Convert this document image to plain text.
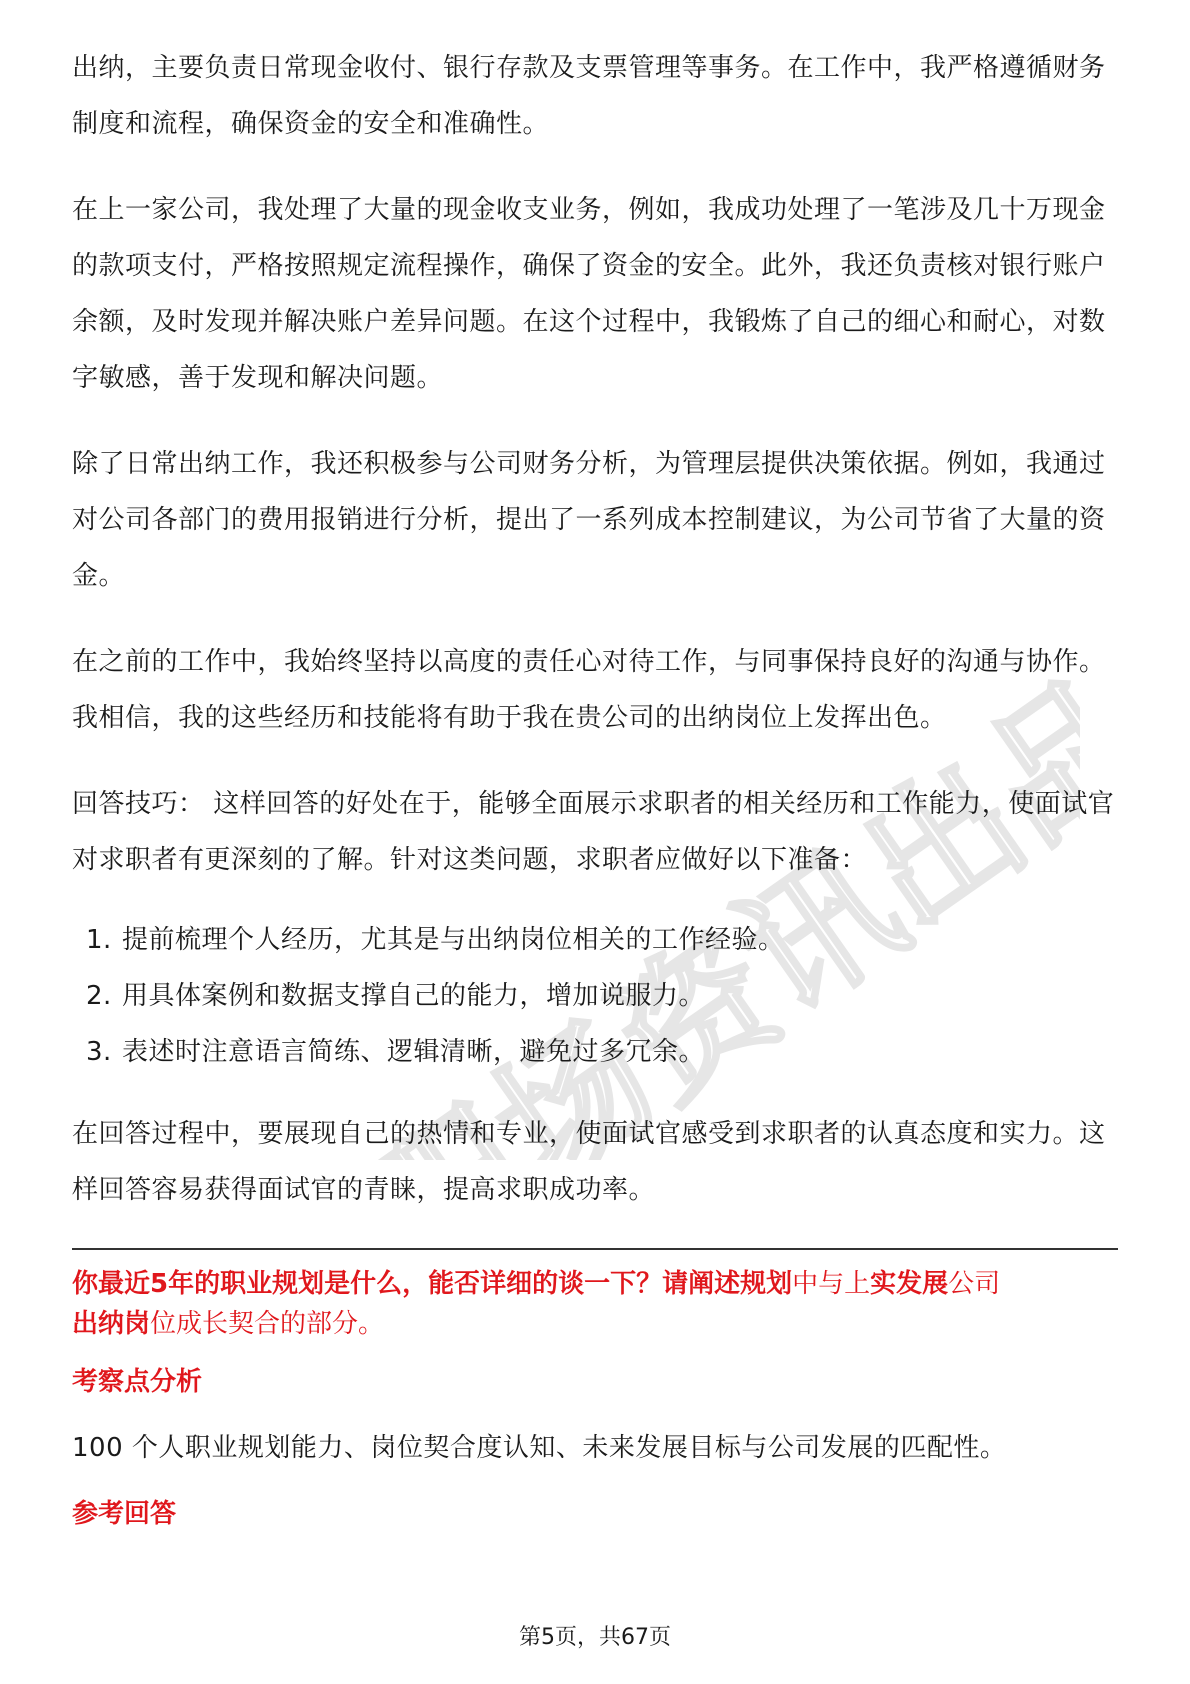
职场资讯出品

出纳，主要负责日常现金收付、银行存款及支票管理等事务。在工作中，我严格遵循财务制度和流程，确保资金的安全和准确性。

在上一家公司，我处理了大量的现金收支业务，例如，我成功处理了一笔涉及几十万现金的款项支付，严格按照规定流程操作，确保了资金的安全。此外，我还负责核对银行账户余额，及时发现并解决账户差异问题。在这个过程中，我锻炼了自己的细心和耐心，对数字敏感，善于发现和解决问题。

除了日常出纳工作，我还积极参与公司财务分析，为管理层提供决策依据。例如，我通过对公司各部门的费用报销进行分析，提出了一系列成本控制建议，为公司节省了大量的资金。

在之前的工作中，我始终坚持以高度的责任心对待工作，与同事保持良好的沟通与协作。我相信，我的这些经历和技能将有助于我在贵公司的出纳岗位上发挥出色。

回答技巧： 这样回答的好处在于，能够全面展示求职者的相关经历和工作能力，使面试官对求职者有更深刻的了解。针对这类问题，求职者应做好以下准备：

1. 提前梳理个人经历，尤其是与出纳岗位相关的工作经验。
2. 用具体案例和数据支撑自己的能力，增加说服力。
3. 表述时注意语言简练、逻辑清晰，避免过多冗余。

在回答过程中，要展现自己的热情和专业，使面试官感受到求职者的认真态度和实力。这样回答容易获得面试官的青睐，提高求职成功率。

你最近5年的职业规划是什么，能否详细的谈一下？请阐述规划中与上实发展公司
出纳岗位成长契合的部分。

考察点分析

100 个人职业规划能力、岗位契合度认知、未来发展目标与公司发展的匹配性。

参考回答

第5页，共67页
